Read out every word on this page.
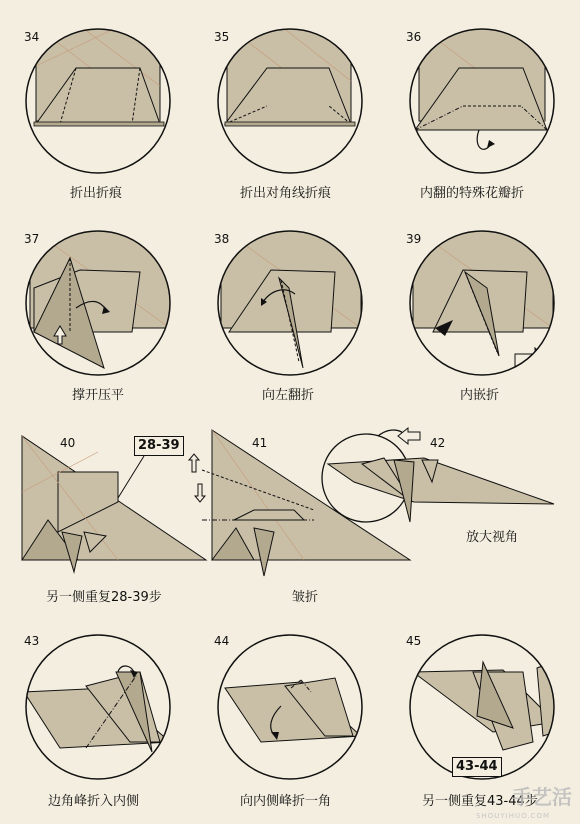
34
折出折痕
35
折出对角线折痕
36
内翻的特殊花瓣折
37
撑开压平
38
向左翻折
39
内嵌折
40	28-39
另一侧重复28-39步
41
皱折
42
放大视角
43
边角峰折入内侧
44
向内侧峰折一角
45
43-44
另一侧重复43-44步
手艺活
SHOUYIHUO.COM
